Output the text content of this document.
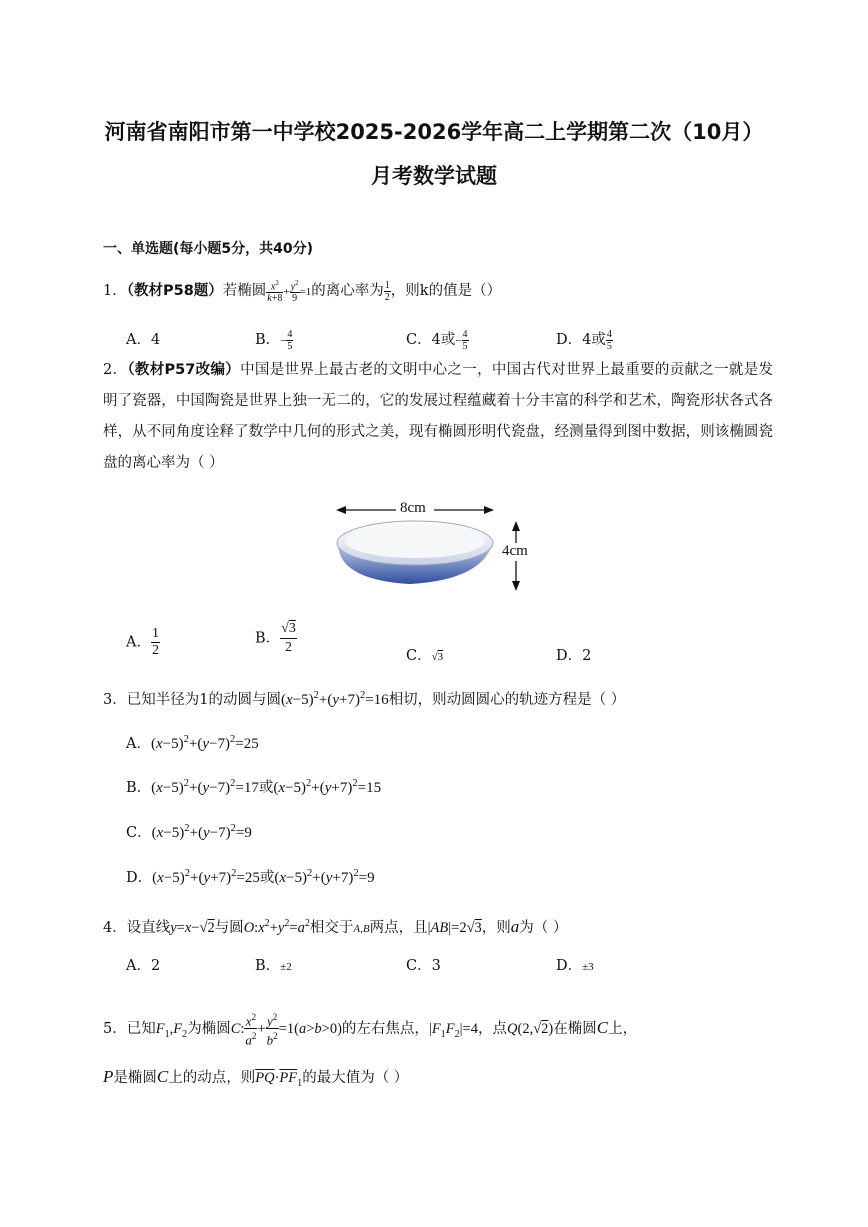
河南省南阳市第一中学校2025-2026学年高二上学期第二次（10月）
月考数学试题
一、单选题(每小题5分，共40分)
1．（教材P58题）若椭圆 $\frac{x^2}{k+8} + \frac{y^2}{9} =1$的离心率为 $\frac{1}{2}$ ，则k的值是（）
A．4	B．− $\frac{4}{5}$	C．4或− $\frac{4}{5}$	D．4或 $\frac{4}{5}$
2．（教材P57改编）中国是世界上最古老的文明中心之一，中国古代对世界上最重要的贡献之一就是发明了瓷器，中国陶瓷是世界上独一无二的，它的发展过程蕴藏着十分丰富的科学和艺术，陶瓷形状各式各样，从不同角度诠释了数学中几何的形式之美，现有椭圆形明代瓷盘，经测量得到图中数据，则该椭圆瓷盘的离心率为（ ）
8cm
4cm
A． $\frac{1}{2}$	B． $\frac{√3}{2}$	C．√3	D．2
3．已知半径为1的动圆与圆$(x-5)^2+(y+7)^2=16$相切，则动圆圆心的轨迹方程是（ ）
A．$(x-5)^2+(y-7)^2=25$
B．$(x-5)^2+(y-7)^2=17$或$(x-5)^2+(y+7)^2=15$
C．$(x-5)^2+(y-7)^2=9$
D．$(x-5)^2+(y+7)^2=25$或$(x-5)^2+(y+7)^2=9$
4．设直线y=x−√2与圆$O:x^2+y^2=a^2$相交于A,B两点，且|AB|=2√3，则a为（ ）
A．2	B．±2	C．3	D．±3
5．已知$F_1,F_2$为椭圆C: $\frac{x^2}{a^2} + \frac{y^2}{b^2} =1(a>b>0)$的左右焦点，$|F_1F_2|=4$，点Q(2,√2)在椭圆C上，
P是椭圆C上的动点，则$\overline{PQ}\cdot\overline{PF}_1$的最大值为（ ）
